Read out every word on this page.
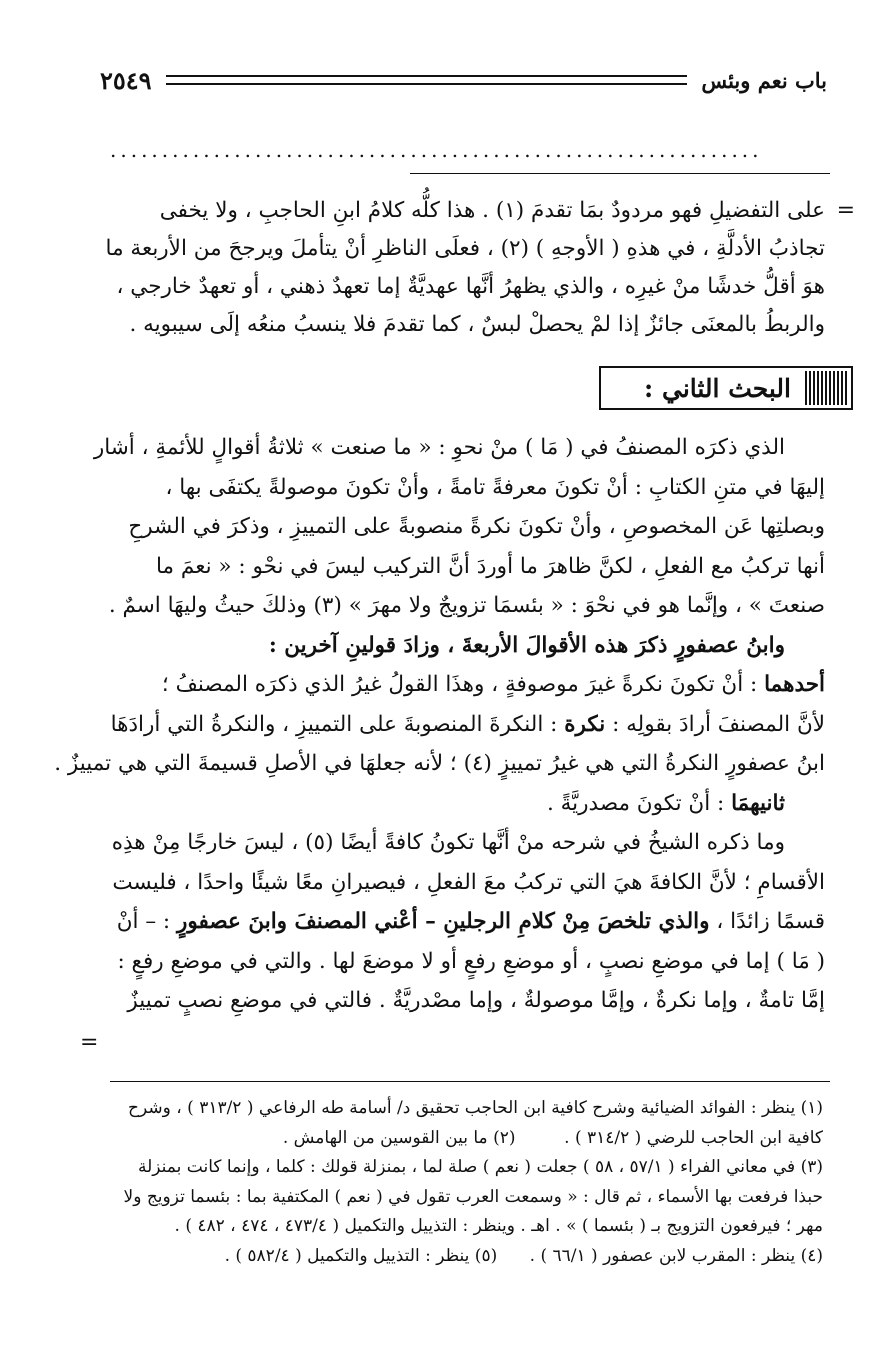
باب نعم وبئس
٢٥٤٩
...............................................................
=
على التفضيلِ فهو مردودٌ بمَا تقدمَ (١) . هذا كلُّه كلامُ ابنِ الحاجبِ ، ولا يخفى
تجاذبُ الأدلَّةِ ، في هذهِ ( الأوجهِ ) (٢) ، فعلَى الناظرِ أنْ يتأملَ ويرجحَ من الأربعة ما
هوَ أقلُّ خدشًا منْ غيرِه ، والذي يظهرُ أنَّها عهديَّةٌ إما تعهدٌ ذهني ، أو تعهدٌ خارجي ،
والربطُ بالمعنَى جائزٌ إذا لمْ يحصلْ لبسٌ ، كما تقدمَ فلا ينسبُ منعُه إلَى سيبويه .
البحث الثاني :
الذي ذكرَه المصنفُ في ( مَا ) منْ نحوِ : « ما صنعت » ثلاثةُ أقوالٍ للأئمةِ ، أشار
إليهَا في متنِ الكتابِ : أنْ تكونَ معرفةً تامةً ، وأنْ تكونَ موصولةً يكتفَى بها ،
وبصلتِها عَن المخصوصِ ، وأنْ تكونَ نكرةً منصوبةً على التمييزِ ، وذكرَ في الشرحِ
أنها تركبُ مع الفعلِ ، لكنَّ ظاهرَ ما أوردَ أنَّ التركيب ليسَ في نحْو : « نعمَ ما
صنعتَ » ، وإنَّما هو في نحْوَ : « بئسمَا تزويجٌ ولا مهرَ » (٣) وذلكَ حيثُ وليهَا اسمٌ .
وابنُ عصفورٍ ذكرَ هذه الأقوالَ الأربعةَ ، وزادَ قولينِ آخرين :
أحدهما : أنْ تكونَ نكرةً غيرَ موصوفةٍ ، وهذَا القولُ غيرُ الذي ذكرَه المصنفُ ؛
لأنَّ المصنفَ أرادَ بقولِه : نكرة : النكرةَ المنصوبةَ على التمييزِ ، والنكرةُ التي أرادَهَا
ابنُ عصفورٍ النكرةُ التي هي غيرُ تمييزٍ (٤) ؛ لأنه جعلهَا في الأصلِ قسيمةَ التي هي تمييزٌ .
ثانيهمَا : أنْ تكونَ مصدريَّةً .
وما ذكره الشيخُ في شرحه منْ أنَّها تكونُ كافةً أيضًا (٥) ، ليسَ خارجًا مِنْ هذِه
الأقسامِ ؛ لأنَّ الكافةَ هيَ التي تركبُ معَ الفعلِ ، فيصيرانِ معًا شيئًا واحدًا ، فليست
قسمًا زائدًا ، والذي تلخصَ مِنْ كلامِ الرجلينِ – أعْني المصنفَ وابنَ عصفورٍ : – أنْ
( مَا ) إما في موضعِ نصبٍ ، أو موضعِ رفعٍ أو لا موضعَ لها . والتي في موضعِ رفعٍ :
إمَّا تامةٌ ، وإما نكرةٌ ، وإمَّا موصولةٌ ، وإما مصْدريَّةٌ . فالتي في موضعِ نصبٍ تمييزٌ
=
(١) ينظر : الفوائد الضيائية وشرح كافية ابن الحاجب تحقيق د/ أسامة طه الرفاعي ( ٣١٣/٢ ) ، وشرح
كافية ابن الحاجب للرضي ( ٣١٤/٢ ) .         (٢) ما بين القوسين من الهامش .
(٣) في معاني الفراء ( ٥٧/١ ، ٥٨ ) جعلت ( نعم ) صلة لما ، بمنزلة قولك : كلما ، وإنما كانت بمنزلة
حبذا فرفعت بها الأسماء ، ثم قال : « وسمعت العرب تقول في ( نعم ) المكتفية بما : بئسما تزويج ولا
مهر ؛ فيرفعون التزويج بـ ( بئسما ) » . اهـ . وينظر : التذييل والتكميل ( ٤٧٣/٤ ، ٤٧٤ ، ٤٨٢ ) .
(٤) ينظر : المقرب لابن عصفور ( ٦٦/١ ) .      (٥) ينظر : التذييل والتكميل ( ٥٨٢/٤ ) .
